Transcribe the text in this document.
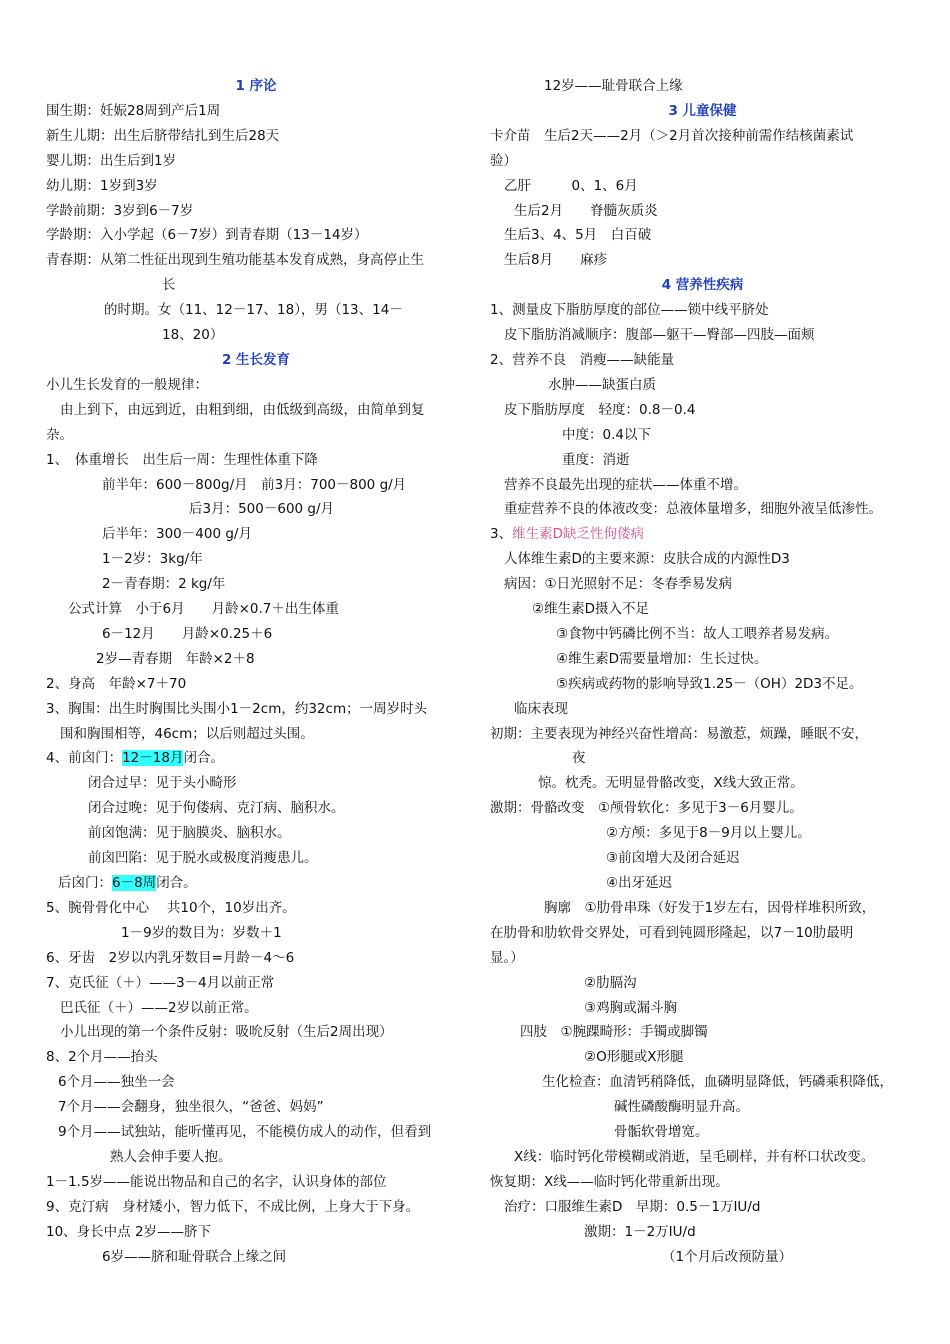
1 序论
围生期：妊娠28周到产后1周
新生儿期：出生后脐带结扎到生后28天
婴儿期：出生后到1岁
幼儿期：1岁到3岁
学龄前期：3岁到6－7岁
学龄期：入小学起（6－7岁）到青春期（13－14岁）
青春期：从第二性征出现到生殖功能基本发育成熟，身高停止生
长
的时期。女（11、12－17、18），男（13、14－
18、20）
2 生长发育
小儿生长发育的一般规律：
由上到下，由远到近，由粗到细，由低级到高级，由简单到复
杂。
1、　体重增长　出生后一周：生理性体重下降
前半年：600－800g/月　前3月：700－800 g/月
后3月：500－600 g/月
后半年：300－400 g/月
1－2岁：3kg/年
2－青春期：2 kg/年
公式计算　小于6月　　月龄×0.7＋出生体重
6－12月　　月龄×0.25＋6
2岁—青春期　年龄×2＋8
2、身高　年龄×7＋70
3、胸围：出生时胸围比头围小1－2cm，约32cm；一周岁时头
围和胸围相等，46cm；以后则超过头围。
4、前囟门：12－18月闭合。
闭合过早：见于头小畸形
闭合过晚：见于佝偻病、克汀病、脑积水。
前囟饱满：见于脑膜炎、脑积水。
前囟凹陷：见于脱水或极度消瘦患儿。
后囟门：6－8周闭合。
5、腕骨骨化中心　 共10个，10岁出齐。
1－9岁的数目为：岁数＋1
6、牙齿　2岁以内乳牙数目=月龄－4～6
7、克氏征（＋）——3－4月以前正常
巴氏征（＋）——2岁以前正常。
小儿出现的第一个条件反射：吸吮反射（生后2周出现）
8、2个月——抬头
6个月——独坐一会
7个月——会翻身，独坐很久，“爸爸、妈妈”
9个月——试独站，能听懂再见，不能模仿成人的动作，但看到
熟人会伸手要人抱。
1－1.5岁——能说出物品和自己的名字，认识身体的部位
9、克汀病　身材矮小，智力低下，不成比例，上身大于下身。
10、身长中点 2岁——脐下
6岁——脐和耻骨联合上缘之间
12岁——耻骨联合上缘
3 儿童保健
卡介苗　生后2天——2月（＞2月首次接种前需作结核菌素试
验）
乙肝　　　0、1、6月
生后2月　　脊髓灰质炎
生后3、4、5月　白百破
生后8月　　麻疹
4 营养性疾病
1、测量皮下脂肪厚度的部位——锁中线平脐处
皮下脂肪消减顺序：腹部—躯干—臀部—四肢—面颊
2、营养不良　消瘦——缺能量
水肿——缺蛋白质
皮下脂肪厚度　轻度：0.8－0.4
中度：0.4以下
重度：消逝
营养不良最先出现的症状——体重不增。
重症营养不良的体液改变：总液体量增多，细胞外液呈低渗性。
3、维生素D缺乏性佝偻病
人体维生素D的主要来源：皮肤合成的内源性D3
病因：①日光照射不足：冬春季易发病
②维生素D摄入不足
③食物中钙磷比例不当：故人工喂养者易发病。
④维生素D需要量增加：生长过快。
⑤疾病或药物的影响导致1.25－（OH）2D3不足。
临床表现
初期：主要表现为神经兴奋性增高：易激惹，烦躁，睡眠不安，
夜
惊。枕秃。无明显骨骼改变，X线大致正常。
激期：骨骼改变　①颅骨软化：多见于3－6月婴儿。
②方颅：多见于8－9月以上婴儿。
③前囟增大及闭合延迟
④出牙延迟
胸廓　①肋骨串珠（好发于1岁左右，因骨样堆积所致，
在肋骨和肋软骨交界处，可看到钝圆形隆起，以7－10肋最明
显。）
②肋膈沟
③鸡胸或漏斗胸
四肢　①腕踝畸形：手镯或脚镯
②O形腿或X形腿
生化检查：血清钙稍降低，血磷明显降低，钙磷乘积降低，
碱性磷酸酶明显升高。
骨骺软骨增宽。
X线：临时钙化带模糊或消逝，呈毛刷样，并有杯口状改变。
恢复期：X线——临时钙化带重新出现。
治疗：口服维生素D　早期：0.5－1万IU/d
激期：1－2万IU/d
（1个月后改预防量）
